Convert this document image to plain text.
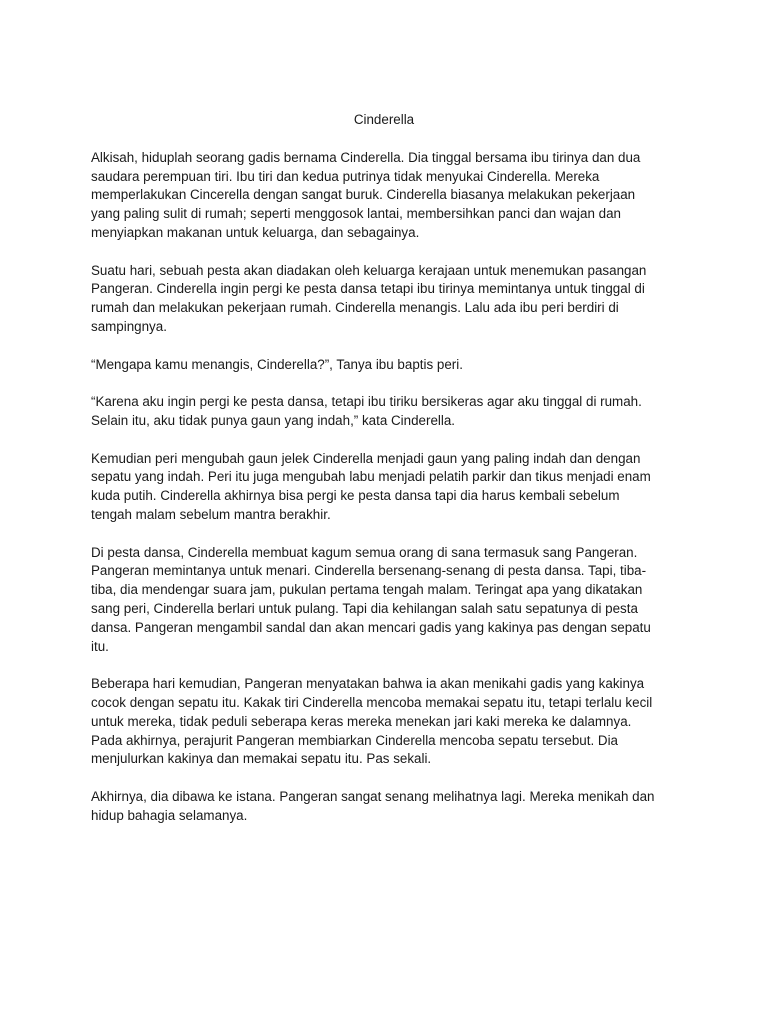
Cinderella

Alkisah, hiduplah seorang gadis bernama Cinderella. Dia tinggal bersama ibu tirinya dan dua
saudara perempuan tiri. Ibu tiri dan kedua putrinya tidak menyukai Cinderella. Mereka
memperlakukan Cincerella dengan sangat buruk. Cinderella biasanya melakukan pekerjaan
yang paling sulit di rumah; seperti menggosok lantai, membersihkan panci dan wajan dan
menyiapkan makanan untuk keluarga, dan sebagainya.

Suatu hari, sebuah pesta akan diadakan oleh keluarga kerajaan untuk menemukan pasangan
Pangeran. Cinderella ingin pergi ke pesta dansa tetapi ibu tirinya memintanya untuk tinggal di
rumah dan melakukan pekerjaan rumah. Cinderella menangis. Lalu ada ibu peri berdiri di
sampingnya.

“Mengapa kamu menangis, Cinderella?”, Tanya ibu baptis peri.

“Karena aku ingin pergi ke pesta dansa, tetapi ibu tiriku bersikeras agar aku tinggal di rumah.
Selain itu, aku tidak punya gaun yang indah,” kata Cinderella.

Kemudian peri mengubah gaun jelek Cinderella menjadi gaun yang paling indah dan dengan
sepatu yang indah. Peri itu juga mengubah labu menjadi pelatih parkir dan tikus menjadi enam
kuda putih. Cinderella akhirnya bisa pergi ke pesta dansa tapi dia harus kembali sebelum
tengah malam sebelum mantra berakhir.

Di pesta dansa, Cinderella membuat kagum semua orang di sana termasuk sang Pangeran.
Pangeran memintanya untuk menari. Cinderella bersenang-senang di pesta dansa. Tapi, tiba-
tiba, dia mendengar suara jam, pukulan pertama tengah malam. Teringat apa yang dikatakan
sang peri, Cinderella berlari untuk pulang. Tapi dia kehilangan salah satu sepatunya di pesta
dansa. Pangeran mengambil sandal dan akan mencari gadis yang kakinya pas dengan sepatu
itu.

Beberapa hari kemudian, Pangeran menyatakan bahwa ia akan menikahi gadis yang kakinya
cocok dengan sepatu itu. Kakak tiri Cinderella mencoba memakai sepatu itu, tetapi terlalu kecil
untuk mereka, tidak peduli seberapa keras mereka menekan jari kaki mereka ke dalamnya.
Pada akhirnya, perajurit Pangeran membiarkan Cinderella mencoba sepatu tersebut. Dia
menjulurkan kakinya dan memakai sepatu itu. Pas sekali.

Akhirnya, dia dibawa ke istana. Pangeran sangat senang melihatnya lagi. Mereka menikah dan
hidup bahagia selamanya.
